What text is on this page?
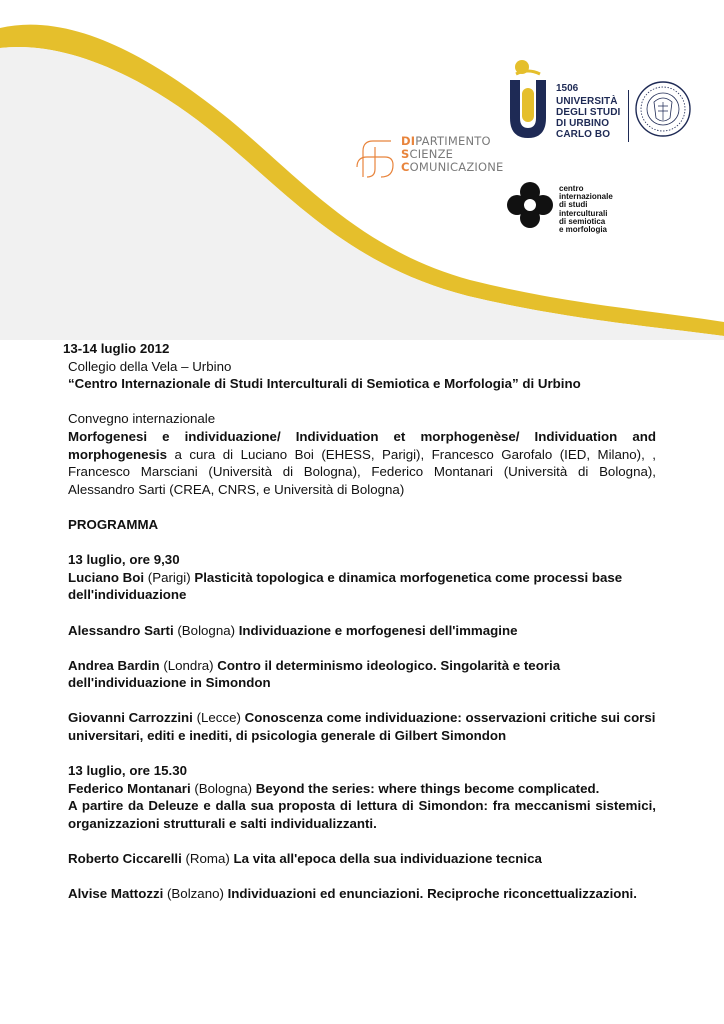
DIPARTIMENTO
SCIENZE
COMUNICAZIONE
1506
UNIVERSITÀ
DEGLI STUDI
DI URBINO
CARLO BO
centro
internazionale
di studi
interculturali
di semiotica
e morfologia

13-14 luglio 2012

Collegio della Vela – Urbino

“Centro Internazionale di Studi Interculturali di Semiotica e Morfologia” di Urbino

Convegno internazionale

Morfogenesi e individuazione/ Individuation et morphogenèse/ Individuation and morphogenesis a cura di Luciano Boi (EHESS, Parigi), Francesco Garofalo (IED, Milano), , Francesco Marsciani (Università di Bologna), Federico Montanari (Università di Bologna), Alessandro Sarti (CREA, CNRS, e Università di Bologna)

PROGRAMMA

13 luglio, ore 9,30

Luciano Boi (Parigi) Plasticità topologica e dinamica morfogenetica come processi base dell'individuazione

Alessandro Sarti (Bologna) Individuazione e morfogenesi dell'immagine

Andrea Bardin (Londra) Contro il determinismo ideologico. Singolarità e teoria dell'individuazione in Simondon

Giovanni Carrozzini (Lecce) Conoscenza come individuazione: osservazioni critiche sui corsi universitari, editi e inediti, di psicologia generale di Gilbert Simondon

13 luglio, ore 15.30

Federico Montanari (Bologna) Beyond the series: where things become complicated.

A partire da Deleuze e dalla sua proposta di lettura di Simondon: fra meccanismi sistemici, organizzazioni strutturali e salti individualizzanti.

Roberto Ciccarelli (Roma) La vita all'epoca della sua individuazione tecnica

Alvise Mattozzi (Bolzano) Individuazioni ed enunciazioni. Reciproche riconcettualizzazioni.
